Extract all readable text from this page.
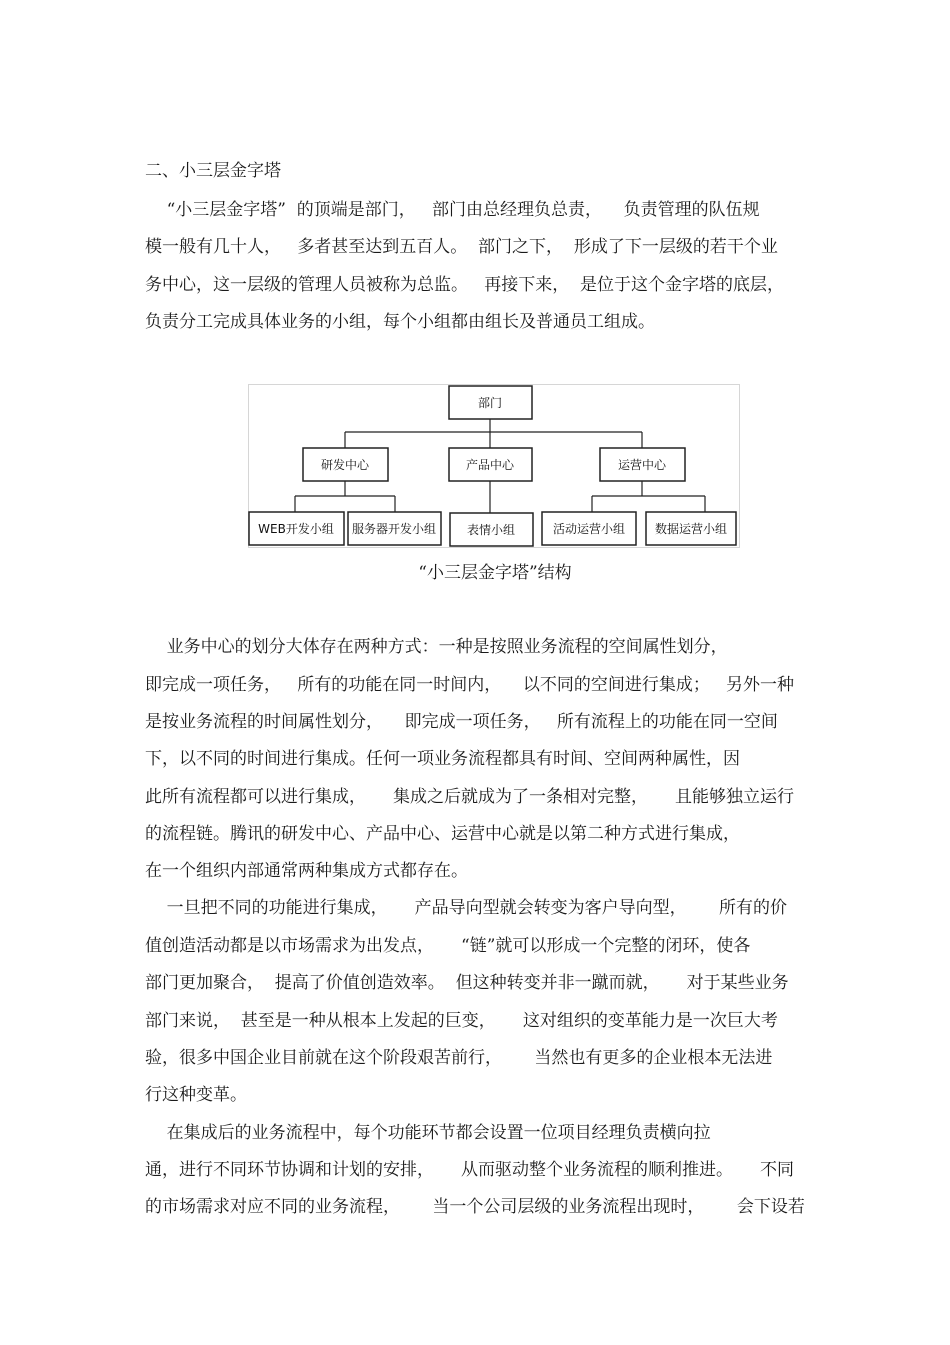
二、小三层金字塔
“小三层金字塔”  的顶端是部门，   部门由总经理负总责，    负责管理的队伍规
模一般有几十人，   多者甚至达到五百人。  部门之下，  形成了下一层级的若干个业
务中心，这一层级的管理人员被称为总监。   再接下来，  是位于这个金字塔的底层，
负责分工完成具体业务的小组，每个小组都由组长及普通员工组成。
部门
研发中心	产品中心	运营中心
WEB开发小组 服务器开发小组	表情小组	活动运营小组 数据运营小组
“小三层金字塔”结构
业务中心的划分大体存在两种方式：一种是按照业务流程的空间属性划分，
即完成一项任务，   所有的功能在同一时间内，    以不同的空间进行集成；   另外一种
是按业务流程的时间属性划分，    即完成一项任务，   所有流程上的功能在同一空间
下，以不同的时间进行集成。任何一项业务流程都具有时间、空间两种属性，因
此所有流程都可以进行集成，     集成之后就成为了一条相对完整，     且能够独立运行
的流程链。腾讯的研发中心、产品中心、运营中心就是以第二种方式进行集成，
在一个组织内部通常两种集成方式都存在。
一旦把不同的功能进行集成，     产品导向型就会转变为客户导向型，      所有的价
值创造活动都是以市场需求为出发点，     “链”就可以形成一个完整的闭环，使各
部门更加聚合，  提高了价值创造效率。  但这种转变并非一蹴而就，     对于某些业务
部门来说，  甚至是一种从根本上发起的巨变，     这对组织的变革能力是一次巨大考
验，很多中国企业目前就在这个阶段艰苦前行，      当然也有更多的企业根本无法进
行这种变革。
在集成后的业务流程中，每个功能环节都会设置一位项目经理负责横向拉
通，进行不同环节协调和计划的安排，     从而驱动整个业务流程的顺利推进。     不同
的市场需求对应不同的业务流程，      当一个公司层级的业务流程出现时，      会下设若
